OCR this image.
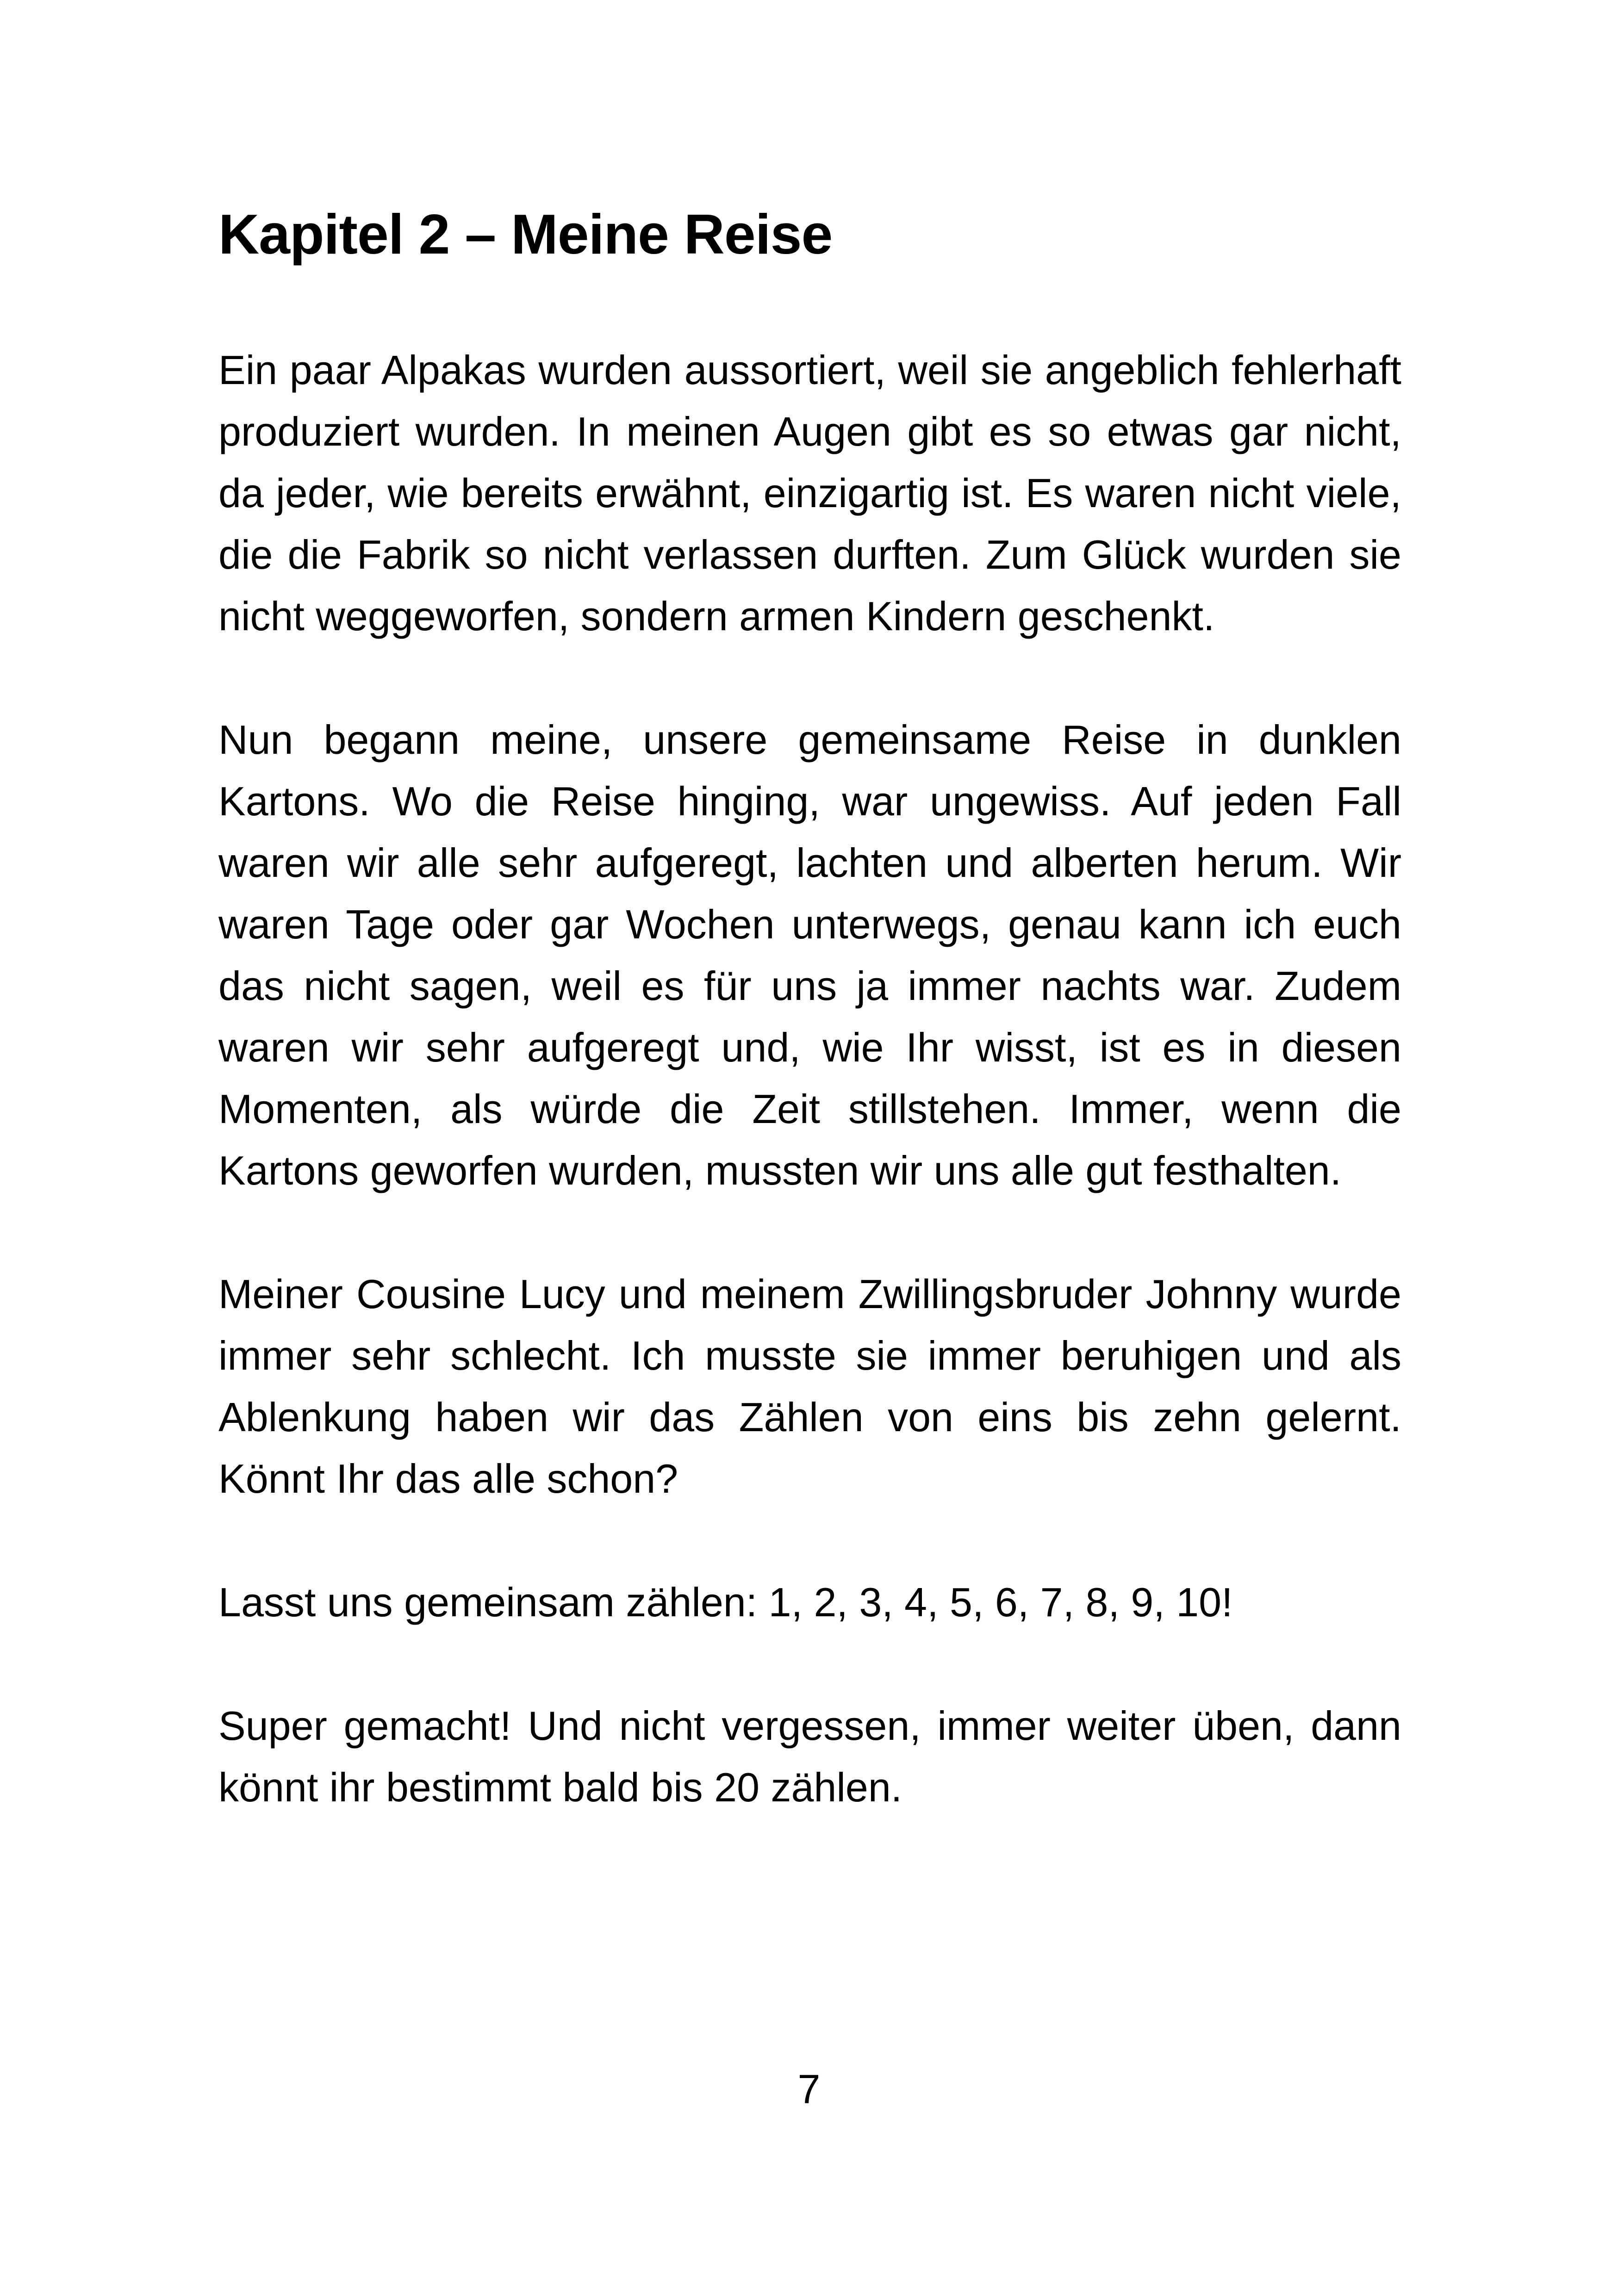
Kapitel 2 – Meine Reise

Ein paar Alpakas wurden aussortiert, weil sie angeblich fehlerhaft produziert wurden. In meinen Augen gibt es so etwas gar nicht, da jeder, wie bereits erwähnt, einzigartig ist. Es waren nicht viele, die die Fabrik so nicht verlassen durften. Zum Glück wurden sie nicht weggeworfen, sondern armen Kindern geschenkt.

Nun begann meine, unsere gemeinsame Reise in dunklen Kartons. Wo die Reise hinging, war ungewiss. Auf jeden Fall waren wir alle sehr aufgeregt, lachten und alberten herum. Wir waren Tage oder gar Wochen unterwegs, genau kann ich euch das nicht sagen, weil es für uns ja immer nachts war. Zudem waren wir sehr aufgeregt und, wie Ihr wisst, ist es in diesen Momenten, als würde die Zeit stillstehen. Immer, wenn die Kartons geworfen wurden, mussten wir uns alle gut festhalten.

Meiner Cousine Lucy und meinem Zwillingsbruder Johnny wurde immer sehr schlecht. Ich musste sie immer beruhigen und als Ablenkung haben wir das Zählen von eins bis zehn gelernt. Könnt Ihr das alle schon?

Lasst uns gemeinsam zählen: 1, 2, 3, 4, 5, 6, 7, 8, 9, 10!

Super gemacht! Und nicht vergessen, immer weiter üben, dann könnt ihr bestimmt bald bis 20 zählen.

7
